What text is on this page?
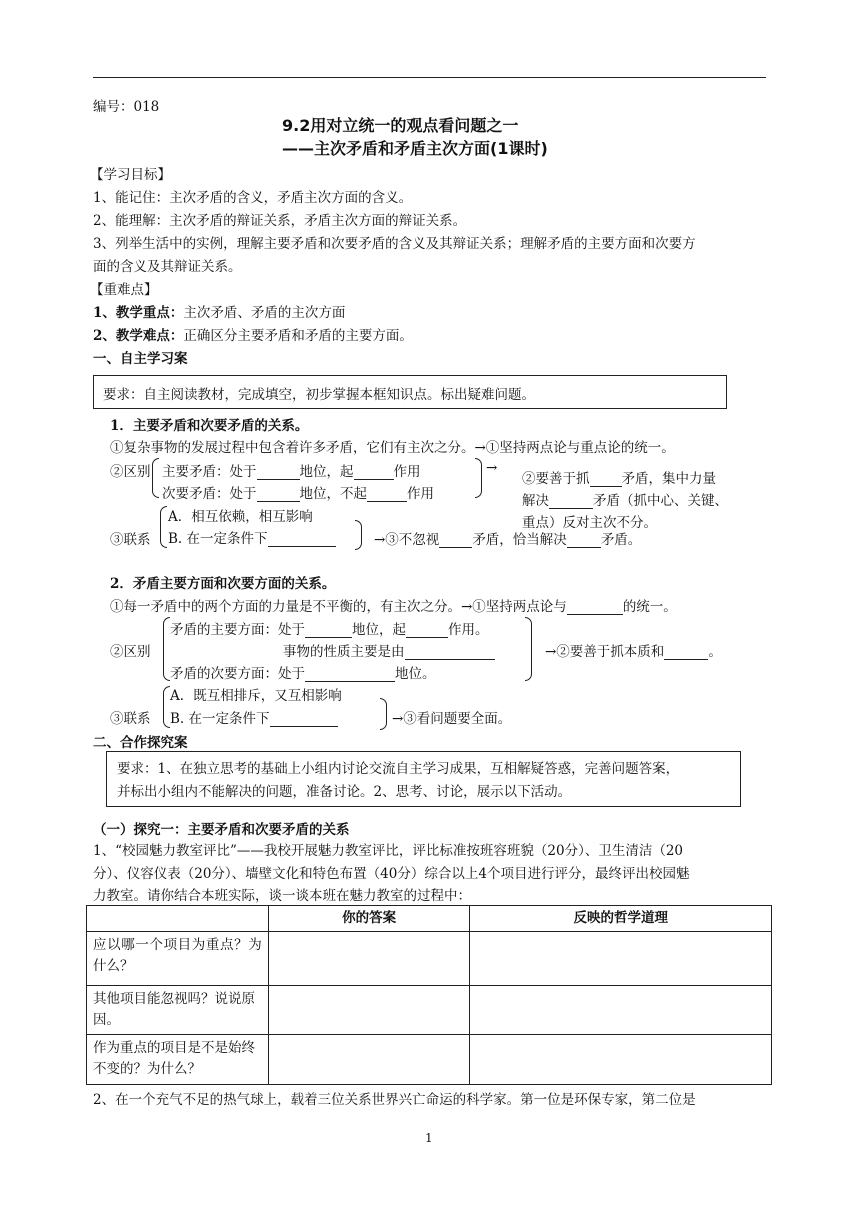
编号：018
9.2用对立统一的观点看问题之一
——主次矛盾和矛盾主次方面(1课时)
【学习目标】
1、能记住：主次矛盾的含义，矛盾主次方面的含义。
2、能理解：主次矛盾的辩证关系，矛盾主次方面的辩证关系。
3、列举生活中的实例，理解主要矛盾和次要矛盾的含义及其辩证关系；理解矛盾的主要方面和次要方
面的含义及其辩证关系。
【重难点】
1、教学重点：主次矛盾、矛盾的主次方面
2、教学难点：正确区分主要矛盾和矛盾的主要方面。
一、自主学习案
要求：自主阅读教材，完成填空，初步掌握本框知识点。标出疑难问题。
1．主要矛盾和次要矛盾的关系。
①复杂事物的发展过程中包含着许多矛盾，它们有主次之分。→①坚持两点论与重点论的统一。
②区别 主要矛盾：处于	地位，起	作用
次要矛盾：处于	地位，不起	作用
→
②要善于抓 矛盾，集中力量
解决	矛盾（抓中心、关键、
重点）反对主次不分。
③联系
A．相互依赖，相互影响
B. 在一定条件下	→③不忽视 矛盾，恰当解决	矛盾。
2．矛盾主要方面和次要方面的关系。
①每一矛盾中的两个方面的力量是不平衡的，有主次之分。→①坚持两点论与	的统一。
矛盾的主要方面：处于	地位，起	作用。
②区别	事物的性质主要是由	→②要善于抓本质和	。
矛盾的次要方面：处于	地位。
A．既互相排斥，又互相影响
③联系 B. 在一定条件下	→③看问题要全面。
二、合作探究案
要求：1、在独立思考的基础上小组内讨论交流自主学习成果，互相解疑答惑，完善问题答案，
并标出小组内不能解决的问题，准备讨论。2、思考、讨论，展示以下活动。
（一）探究一：主要矛盾和次要矛盾的关系
1、“校园魅力教室评比”——我校开展魅力教室评比，评比标准按班容班貌（20分）、卫生清洁（20
分）、仪容仪表（20分）、墙壁文化和特色布置（40分）综合以上4个项目进行评分，最终评出校园魅
力教室。请你结合本班实际，谈一谈本班在魅力教室的过程中：
	你的答案	反映的哲学道理
应以哪一个项目为重点？为什么？		
其他项目能忽视吗？说说原因。		
作为重点的项目是不是始终不变的？为什么？		
2、在一个充气不足的热气球上，载着三位关系世界兴亡命运的科学家。第一位是环保专家，第二位是
1
